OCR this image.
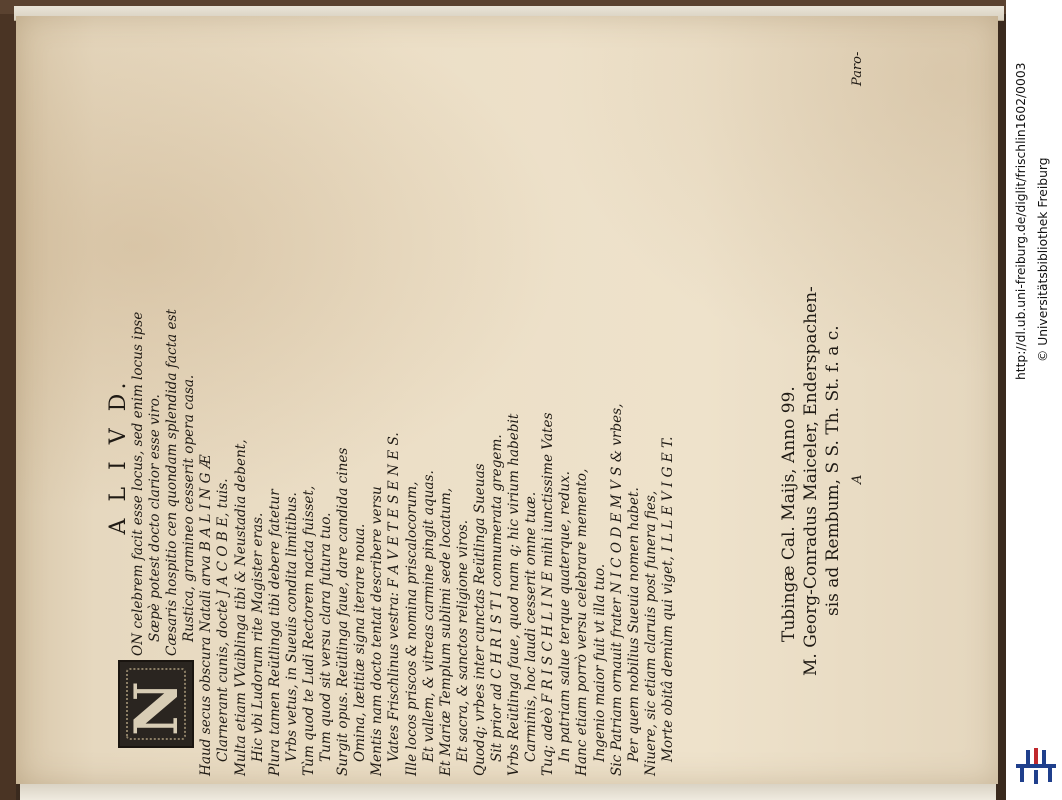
A L I V D.
N
ON celebrem facit esse locus, sed enim locus ipse Sæpè potest docto clarior esse viro. Cæsaris hospitio cen quondam splendida facta est Rustica, gramineo cesserit opera casa. Haud secus obscura Natali arva B A L I N G Æ Clarnerant cunis, doctè J A C O B E, tuis. Multa etiam VVaiblinga tibi & Neustadia debent, Hic vbi Ludorum rite Magister eras. Plura tamen Reütlinga tibi debere fatetur Vrbs vetus, in Sueuis condita limitibus. Tùm quod te Ludi Rectorem nacta fuisset, Tum quod sit versu clara futura tuo. Surgit opus. Reütlinga faue, dare candida cines Omina, lætitiæ signa iterare noua. Mentis nam docto tentat describere versu Vates Frischlinus vestra: F A V E T E S E N E S. Ille locos priscos & nomina priscalocorum, Et vallem, & vitreas carmine pingit aquas. Et Mariæ Templum sublimi sede locatum, Et sacra, & sanctos religione viros. Quodq; vrbes inter cunctas Reütlinga Sueuas Sit prior ad C H R I S T I connumerata gregem. Vrbs Reütlinga faue, quod nam q; hic virium habebit Carminis, hoc laudi cesserit omne tuæ. Tuq; adeò F R I S C H L I N E mihi iunctissime Vates In patriam salue terque quaterque, redux. Hanc etiam porrò versu celebrare memento, Ingenio maior fuit vt illa tuo. Sic Patriam ornauit frater N I C O D E M V S & vrbes, Per quem nobilius Sueuia nomen habet. Niuere, sic etiam claruis post funera fies, Morte obitâ demùm qui viget, I L L E V I G E T.	Tubingæ Cal. Maijs, Anno 99. M. Georg-Conradus Maiceler, Enderspachen- sis ad Rembum, S S. Th. St. f. a c. A
Paro-	http://dl.ub.uni-freiburg.de/diglit/frischlin1602/0003 © Universitätsbibliothek Freiburg
